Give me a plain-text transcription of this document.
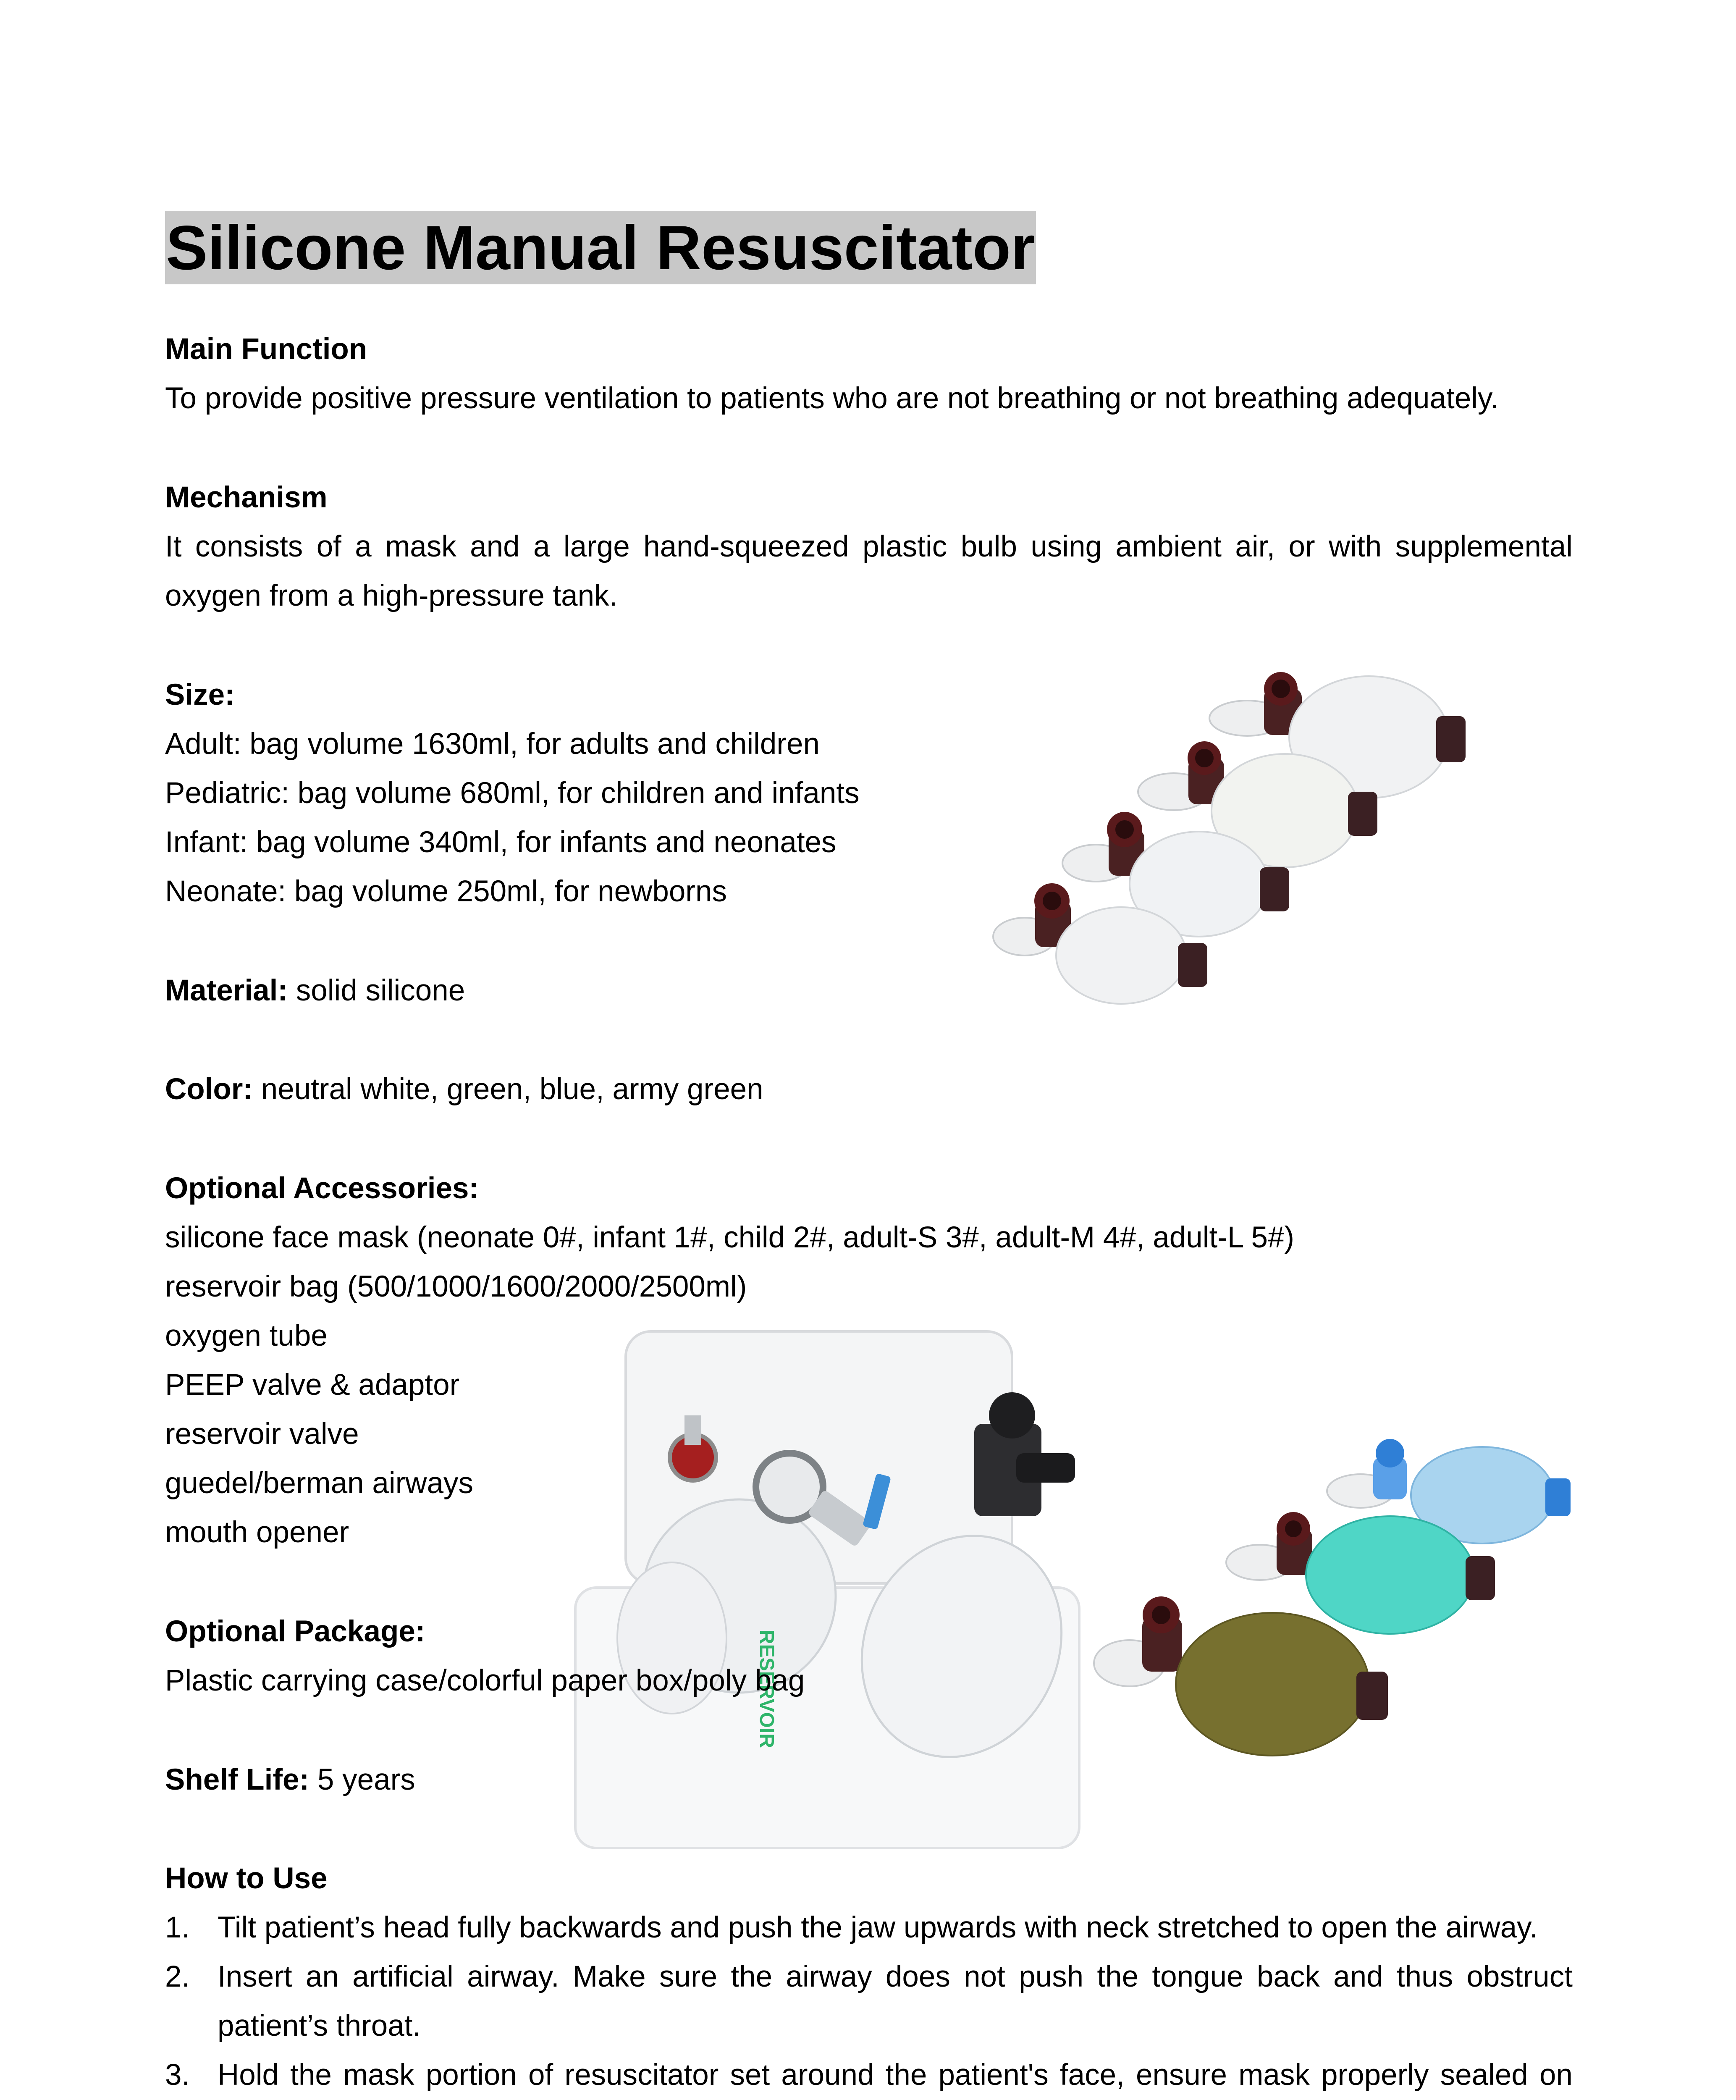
Silicone Manual Resuscitator
Main Function
To provide positive pressure ventilation to patients who are not breathing or not breathing adequately.
Mechanism
It consists of a mask and a large hand-squeezed plastic bulb using ambient air, or with supplemental
oxygen from a high-pressure tank.
Size:
Adult: bag volume 1630ml, for adults and children
Pediatric: bag volume 680ml, for children and infants
Infant: bag volume 340ml, for infants and neonates
Neonate: bag volume 250ml, for newborns
Material: solid silicone
Color: neutral white, green, blue, army green
RESERVOIR
Optional Accessories:
silicone face mask (neonate 0#, infant 1#, child 2#, adult-S 3#, adult-M 4#, adult-L 5#)
reservoir bag (500/1000/1600/2000/2500ml)
oxygen tube
PEEP valve & adaptor
reservoir valve
guedel/berman airways
mouth opener
Optional Package:
Plastic carrying case/colorful paper box/poly bag
Shelf Life: 5 years
How to Use
1. Tilt patient’s head fully backwards and push the jaw upwards with neck stretched to open the airway.
2. Insert an artificial airway. Make sure the airway does not push the tongue back and thus obstruct
patient’s throat.
3. Hold the mask portion of resuscitator set around the patient's face, ensure mask properly sealed on
